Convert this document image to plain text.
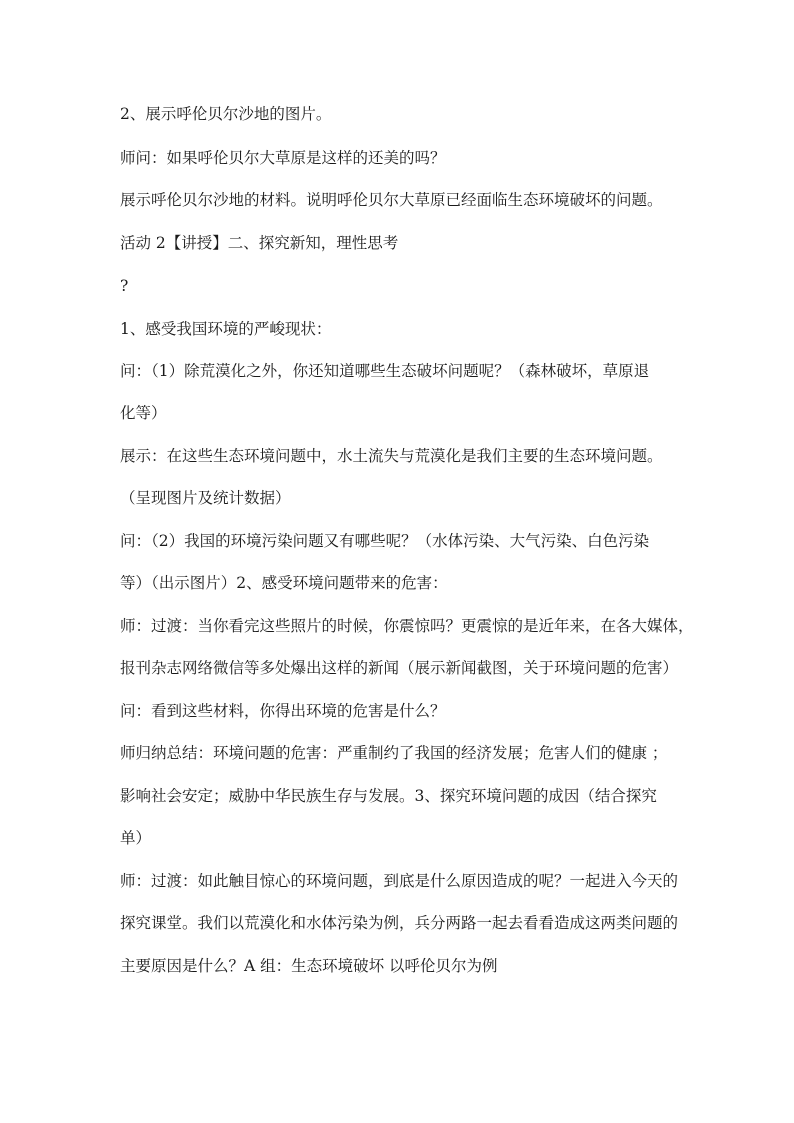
2、展示呼伦贝尔沙地的图片。
师问：如果呼伦贝尔大草原是这样的还美的吗？
展示呼伦贝尔沙地的材料。说明呼伦贝尔大草原已经面临生态环境破坏的问题。
活动 2【讲授】二、探究新知，理性思考
?
1、感受我国环境的严峻现状：
问：（1）除荒漠化之外，你还知道哪些生态破坏问题呢？（森林破坏，草原退
化等）
展示：在这些生态环境问题中，水土流失与荒漠化是我们主要的生态环境问题。
（呈现图片及统计数据）
问：（2）我国的环境污染问题又有哪些呢？（水体污染、大气污染、白色污染
等）（出示图片）2、感受环境问题带来的危害：
师：过渡：当你看完这些照片的时候，你震惊吗？更震惊的是近年来，在各大媒体，
报刊杂志网络微信等多处爆出这样的新闻（展示新闻截图，关于环境问题的危害）
问：看到这些材料，你得出环境的危害是什么？
师归纳总结：环境问题的危害：严重制约了我国的经济发展；危害人们的健康 ；
影响社会安定；威胁中华民族生存与发展。3、探究环境问题的成因（结合探究
单）
师：过渡：如此触目惊心的环境问题，到底是什么原因造成的呢？一起进入今天的
探究课堂。我们以荒漠化和水体污染为例，兵分两路一起去看看造成这两类问题的
主要原因是什么？A 组：生态环境破坏 以呼伦贝尔为例
